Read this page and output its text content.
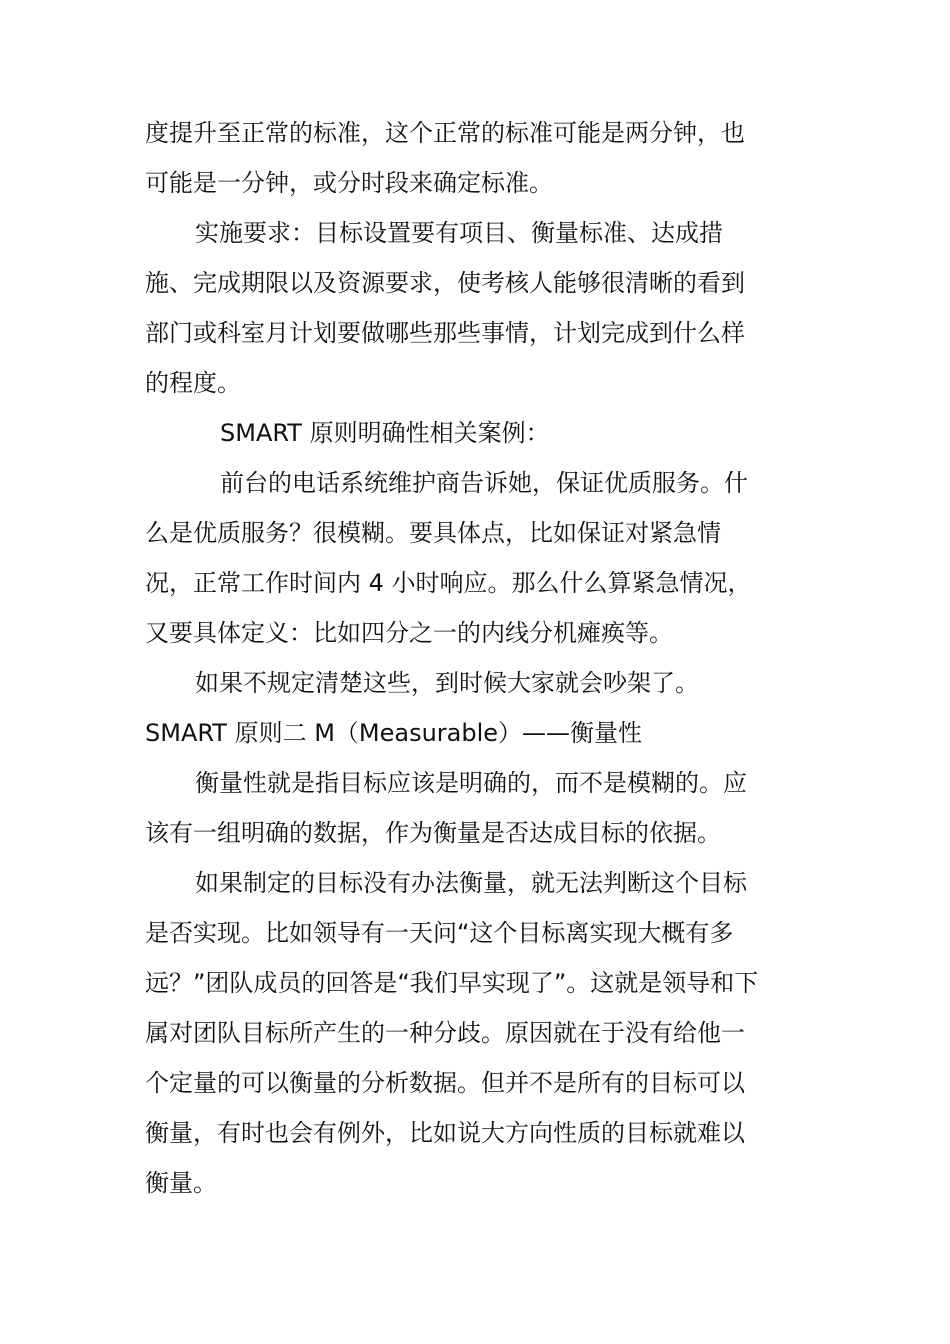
度提升至正常的标准，这个正常的标准可能是两分钟，也
可能是一分钟，或分时段来确定标准。
实施要求：目标设置要有项目、衡量标准、达成措
施、完成期限以及资源要求，使考核人能够很清晰的看到
部门或科室月计划要做哪些那些事情，计划完成到什么样
的程度。
SMART 原则明确性相关案例：
前台的电话系统维护商告诉她，保证优质服务。什
么是优质服务？很模糊。要具体点，比如保证对紧急情
况，正常工作时间内 4 小时响应。那么什么算紧急情况，
又要具体定义：比如四分之一的内线分机瘫痪等。
如果不规定清楚这些，到时候大家就会吵架了。
SMART 原则二 M（Measurable）——衡量性
衡量性就是指目标应该是明确的，而不是模糊的。应
该有一组明确的数据，作为衡量是否达成目标的依据。
如果制定的目标没有办法衡量，就无法判断这个目标
是否实现。比如领导有一天问“这个目标离实现大概有多
远？”团队成员的回答是“我们早实现了”。这就是领导和下
属对团队目标所产生的一种分歧。原因就在于没有给他一
个定量的可以衡量的分析数据。但并不是所有的目标可以
衡量，有时也会有例外，比如说大方向性质的目标就难以
衡量。
